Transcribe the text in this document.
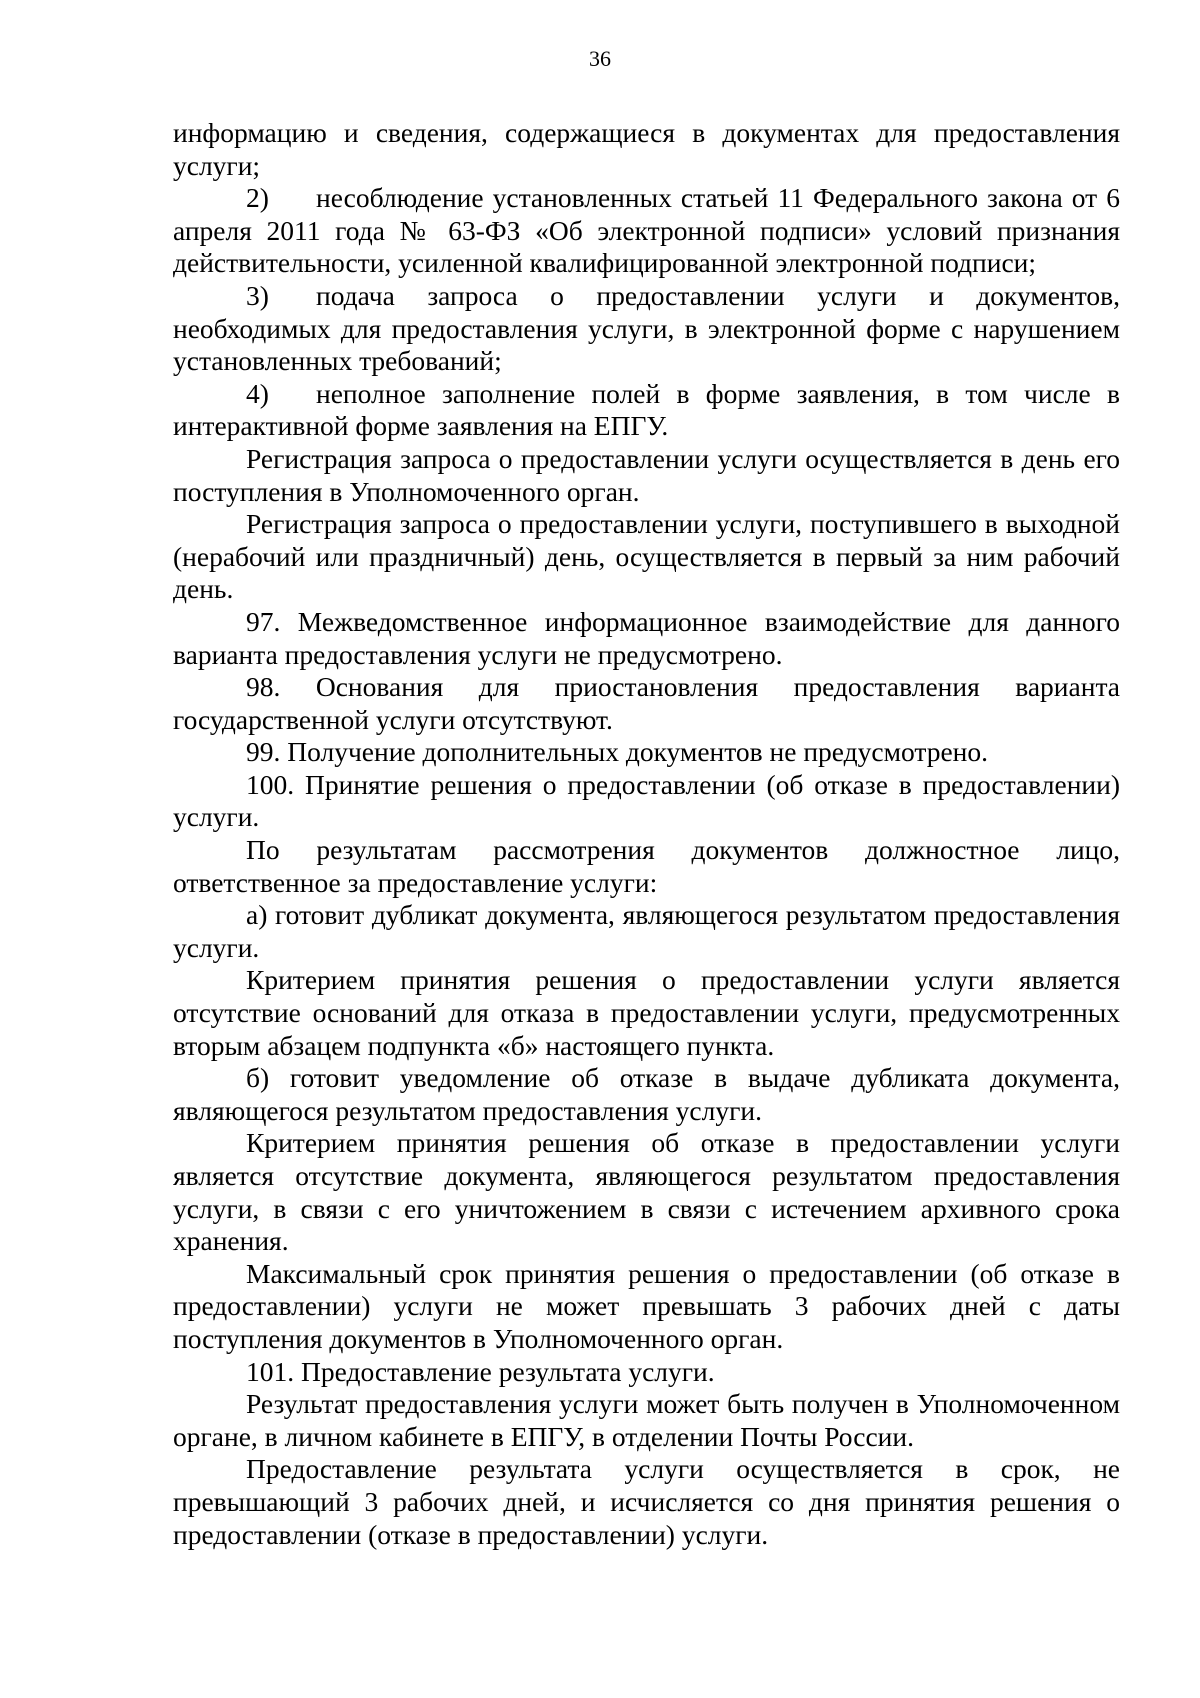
36

информацию и сведения, содержащиеся в документах для предоставления услуги;

2) несоблюдение установленных статьей 11 Федерального закона от 6 апреля 2011 года № 63-ФЗ «Об электронной подписи» условий признания действительности, усиленной квалифицированной электронной подписи;

3) подача запроса о предоставлении услуги и документов, необходимых для предоставления услуги, в электронной форме с нарушением установленных требований;

4) неполное заполнение полей в форме заявления, в том числе в интерактивной форме заявления на ЕПГУ.

Регистрация запроса о предоставлении услуги осуществляется в день его поступления в Уполномоченного орган.

Регистрация запроса о предоставлении услуги, поступившего в выходной (нерабочий или праздничный) день, осуществляется в первый за ним рабочий день.

97. Межведомственное информационное взаимодействие для данного варианта предоставления услуги не предусмотрено.

98. Основания для приостановления предоставления варианта государственной услуги отсутствуют.

99. Получение дополнительных документов не предусмотрено.

100. Принятие решения о предоставлении (об отказе в предоставлении) услуги.

По результатам рассмотрения документов должностное лицо, ответственное за предоставление услуги:

а) готовит дубликат документа, являющегося результатом предоставления услуги.

Критерием принятия решения о предоставлении услуги является отсутствие оснований для отказа в предоставлении услуги, предусмотренных вторым абзацем подпункта «б» настоящего пункта.

б) готовит уведомление об отказе в выдаче дубликата документа, являющегося результатом предоставления услуги.

Критерием принятия решения об отказе в предоставлении услуги является отсутствие документа, являющегося результатом предоставления услуги, в связи с его уничтожением в связи с истечением архивного срока хранения.

Максимальный срок принятия решения о предоставлении (об отказе в предоставлении) услуги не может превышать 3 рабочих дней с даты поступления документов в Уполномоченного орган.

101. Предоставление результата услуги.

Результат предоставления услуги может быть получен в Уполномоченном органе, в личном кабинете в ЕПГУ, в отделении Почты России.

Предоставление результата услуги осуществляется в срок, не превышающий 3 рабочих дней, и исчисляется со дня принятия решения о предоставлении (отказе в предоставлении) услуги.
